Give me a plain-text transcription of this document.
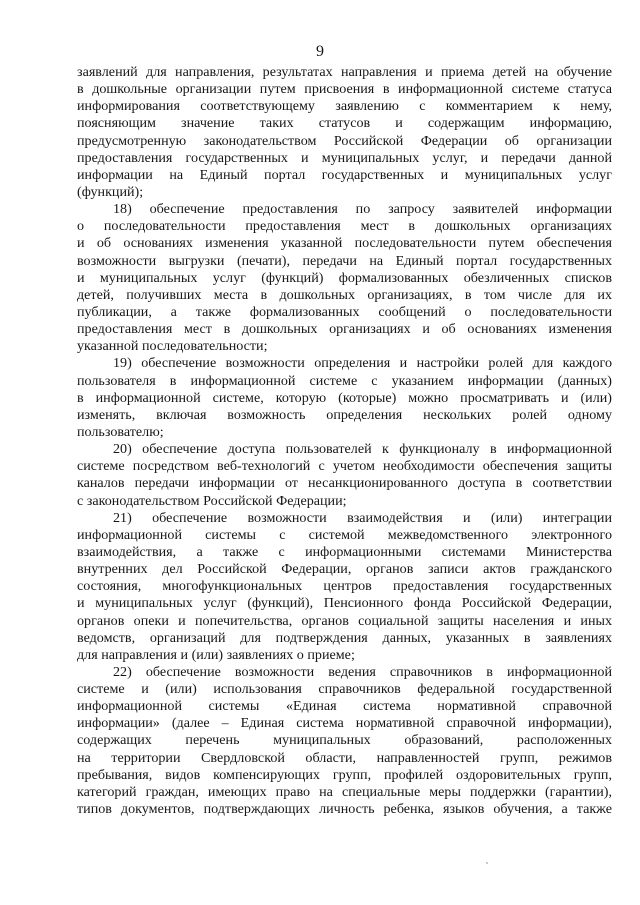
9
заявлений для направления, результатах направления и приема детей на обучение
в дошкольные организации путем присвоения в информационной системе статуса
информирования соответствующему заявлению с комментарием к нему,
поясняющим значение таких статусов и содержащим информацию,
предусмотренную законодательством Российской Федерации об организации
предоставления государственных и муниципальных услуг, и передачи данной
информации на Единый портал государственных и муниципальных услуг
(функций);
18) обеспечение предоставления по запросу заявителей информации
о последовательности предоставления мест в дошкольных организациях
и об основаниях изменения указанной последовательности путем обеспечения
возможности выгрузки (печати), передачи на Единый портал государственных
и муниципальных услуг (функций) формализованных обезличенных списков
детей, получивших места в дошкольных организациях, в том числе для их
публикации, а также формализованных сообщений о последовательности
предоставления мест в дошкольных организациях и об основаниях изменения
указанной последовательности;
19) обеспечение возможности определения и настройки ролей для каждого
пользователя в информационной системе с указанием информации (данных)
в информационной системе, которую (которые) можно просматривать и (или)
изменять, включая возможность определения нескольких ролей одному
пользователю;
20) обеспечение доступа пользователей к функционалу в информационной
системе посредством веб-технологий с учетом необходимости обеспечения защиты
каналов передачи информации от несанкционированного доступа в соответствии
с законодательством Российской Федерации;
21) обеспечение возможности взаимодействия и (или) интеграции
информационной системы с системой межведомственного электронного
взаимодействия, а также с информационными системами Министерства
внутренних дел Российской Федерации, органов записи актов гражданского
состояния, многофункциональных центров предоставления государственных
и муниципальных услуг (функций), Пенсионного фонда Российской Федерации,
органов опеки и попечительства, органов социальной защиты населения и иных
ведомств, организаций для подтверждения данных, указанных в заявлениях
для направления и (или) заявлениях о приеме;
22) обеспечение возможности ведения справочников в информационной
системе и (или) использования справочников федеральной государственной
информационной системы «Единая система нормативной справочной
информации» (далее – Единая система нормативной справочной информации),
содержащих перечень муниципальных образований, расположенных
на территории Свердловской области, направленностей групп, режимов
пребывания, видов компенсирующих групп, профилей оздоровительных групп,
категорий граждан, имеющих право на специальные меры поддержки (гарантии),
типов документов, подтверждающих личность ребенка, языков обучения, а также
